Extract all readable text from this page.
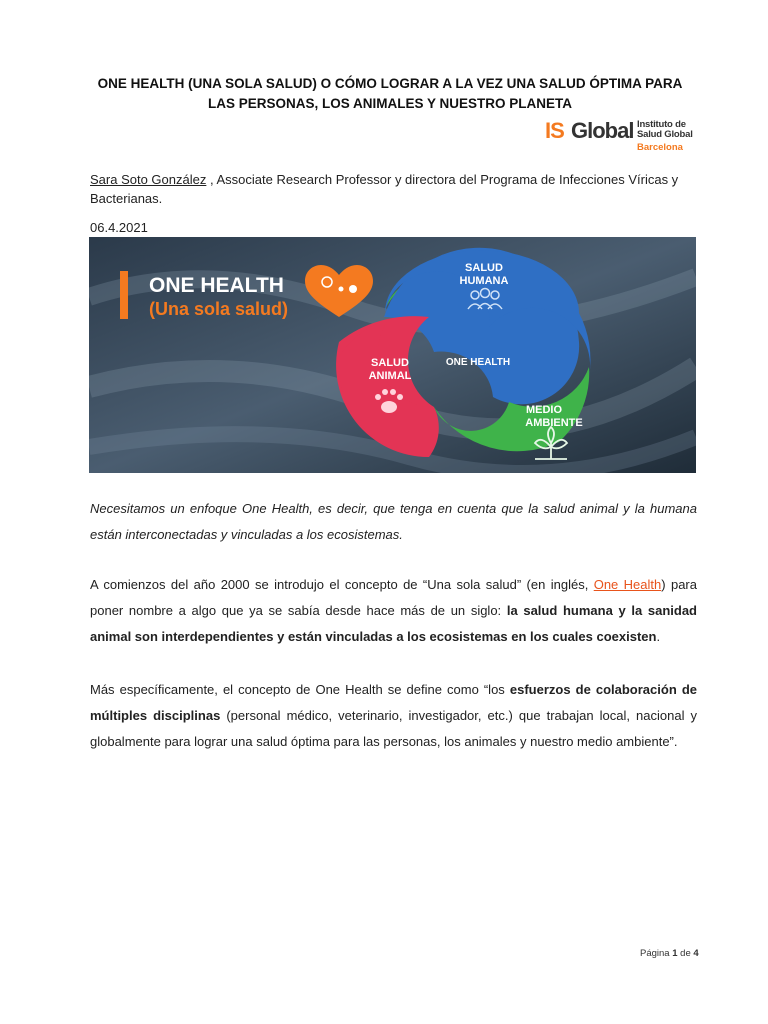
ONE HEALTH (UNA SOLA SALUD) O CÓMO LOGRAR A LA VEZ UNA SALUD ÓPTIMA PARA LAS PERSONAS, LOS ANIMALES Y NUESTRO PLANETA
IS Global Instituto de
Salud Global
Barcelona
Sara Soto González , Associate Research Professor y directora del Programa de Infecciones Víricas y Bacterianas.
06.4.2021
ONE HEALTH
(Una sola salud)
SALUD
HUMANA
SALUD
ANIMAL
ONE HEALTH
MEDIO
AMBIENTE
Necesitamos un enfoque One Health, es decir, que tenga en cuenta que la salud animal y la humana están interconectadas y vinculadas a los ecosistemas.
A comienzos del año 2000 se introdujo el concepto de “Una sola salud” (en inglés, One Health) para poner nombre a algo que ya se sabía desde hace más de un siglo: la salud humana y la sanidad animal son interdependientes y están vinculadas a los ecosistemas en los cuales coexisten.
Más específicamente, el concepto de One Health se define como “los esfuerzos de colaboración de múltiples disciplinas (personal médico, veterinario, investigador, etc.) que trabajan local, nacional y globalmente para lograr una salud óptima para las personas, los animales y nuestro medio ambiente”.
Página 1 de 4
